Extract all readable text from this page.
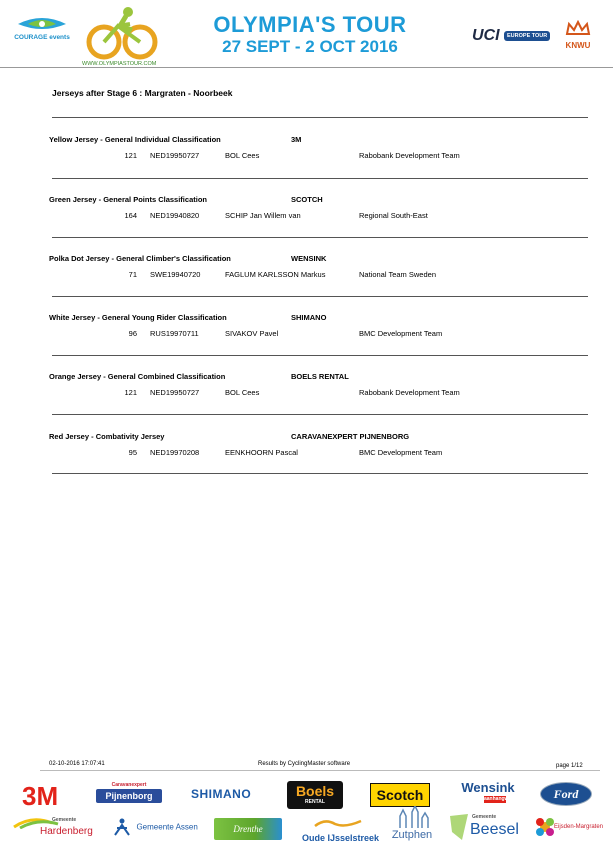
COURAGE events
WWW.OLYMPIASTOUR.COM
OLYMPIA'S TOUR
27 SEPT - 2 OCT 2016
UCI EUROPE TOUR
KNWU
Jerseys after Stage 6 : Margraten - Noorbeek
Yellow Jersey - General Individual Classification	3M
121 NED19950727	BOL Cees	Rabobank Development Team
Green Jersey - General Points Classification	SCOTCH
164 NED19940820	SCHIP Jan Willem van	Regional South-East
Polka Dot Jersey - General Climber's Classification	WENSINK
71 SWE19940720	FAGLUM KARLSSON Markus	National Team Sweden
White Jersey - General Young Rider Classification	SHIMANO
96 RUS19970711	SIVAKOV Pavel	BMC Development Team
Orange Jersey - General Combined Classification	BOELS RENTAL
121 NED19950727	BOL Cees	Rabobank Development Team
Red Jersey - Combativity Jersey	CARAVANEXPERT PIJNENBORG
95 NED19970208	EENKHOORN Pascal	BMC Development Team
02-10-2016 17:07:41	Results by CyclingMaster software	page 1/12
3M	Caravanexpert
Pijnenborg	SHIMANO	Boels
RENTAL	Scotch	Wensink
aanhangwagens	Ford
Gemeente
Hardenberg	Gemeente Assen	Drenthe
Oude IJsselstreek Zutphen
Gemeente
Beesel	Eijsden-Margraten
